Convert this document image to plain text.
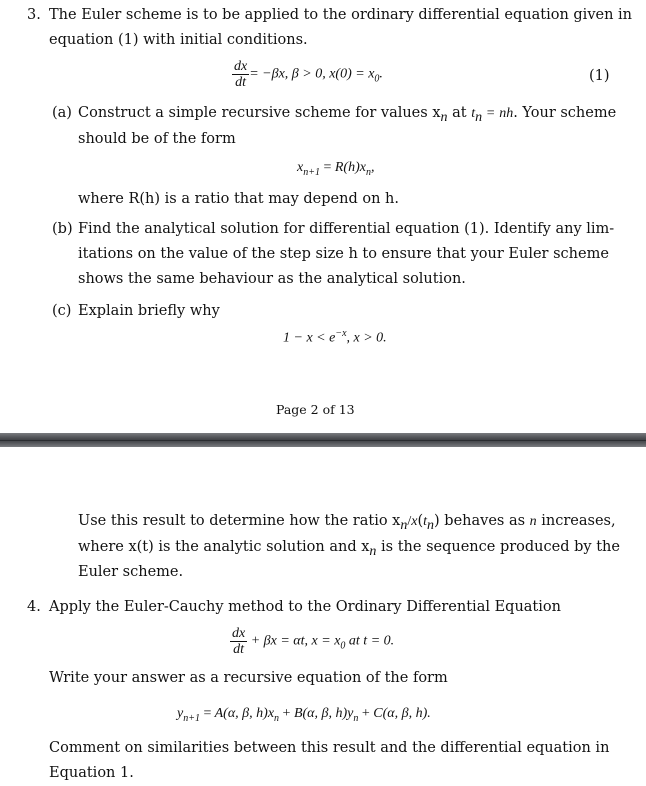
3. The Euler scheme is to be applied to the ordinary differential equation given in
equation (1) with initial conditions.
$\frac{dx}{dt} = -\beta x$, β > 0, $x(0) = x_0$.	(1)
(a) Construct a simple recursive scheme for values $x_n$ at $t_n$ = nh. Your scheme
should be of the form
$x_{n+1} = R(h)x_n$,
where R(h) is a ratio that may depend on h.
(b) Find the analytical solution for differential equation (1). Identify any lim-
itations on the value of the step size h to ensure that your Euler scheme
shows the same behaviour as the analytical solution.
(c) Explain briefly why
$1 - x < e^{-x}$, x > 0.
Page 2 of 13
Use this result to determine how the ratio $x_n/x(t_n)$ behaves as n increases,
where x(t) is the analytic solution and $x_n$ is the sequence produced by the
Euler scheme.
4. Apply the Euler-Cauchy method to the Ordinary Differential Equation
$\frac{dx}{dt} + \beta x = \alpha t$, $x = x_0$ at t = 0.
Write your answer as a recursive equation of the form
$y_{n+1} = A(\alpha$, β, $h)x_n + B(\alpha$, β, $h)y_n + C(\alpha$, β, h).
Comment on similarities between this result and the differential equation in
Equation 1.
